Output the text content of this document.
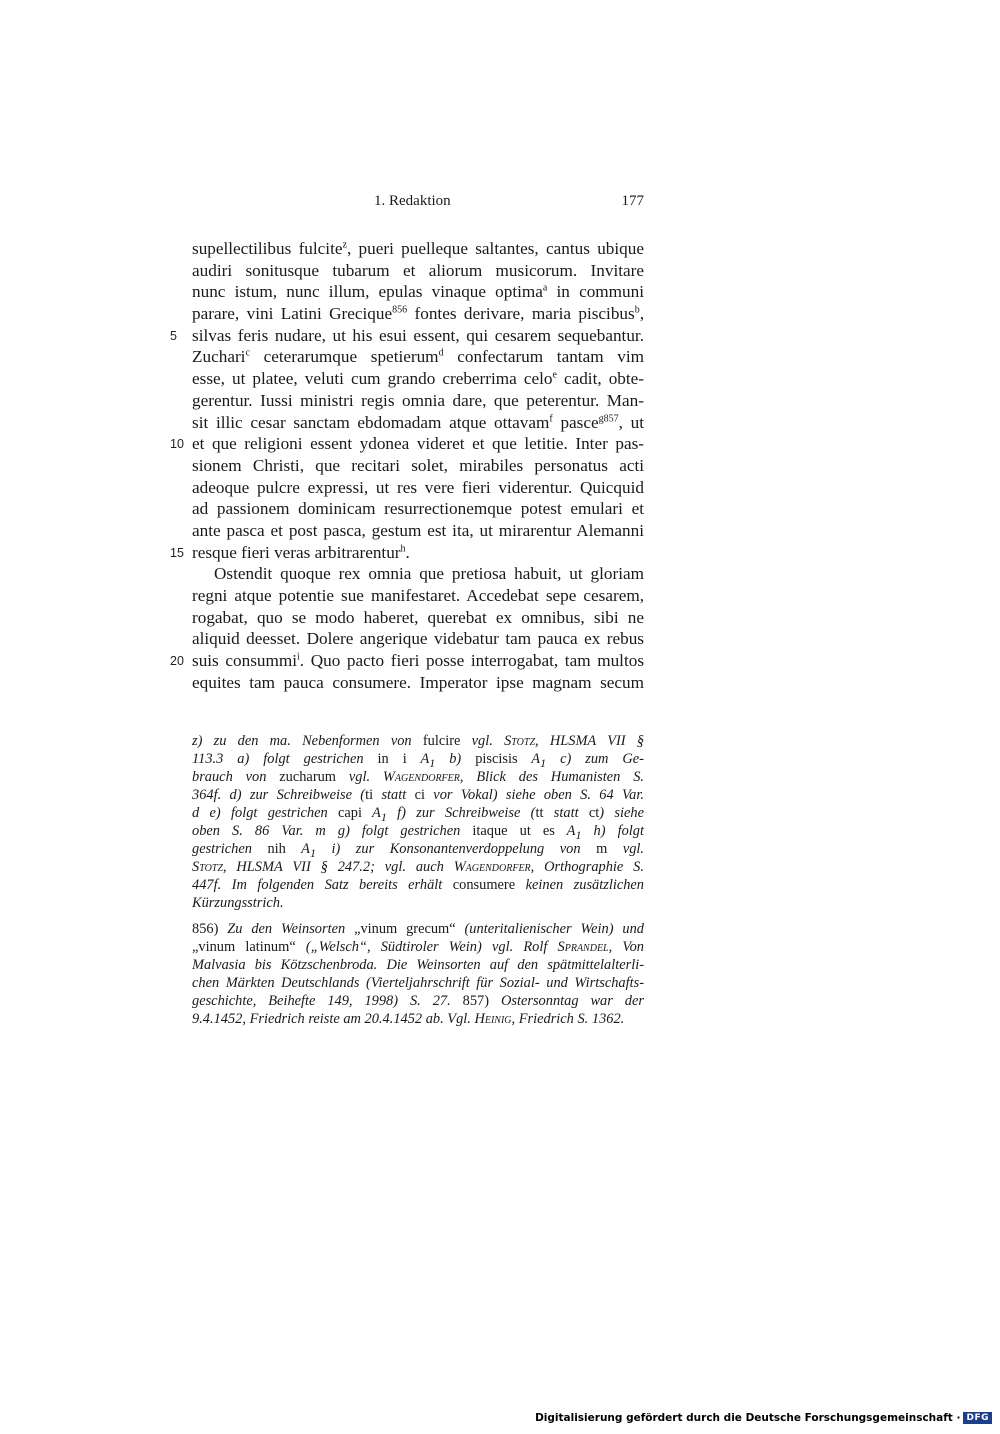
1. Redaktion	177
supellectilibus fulcite$^z$, pueri puelleque saltantes, cantus ubique
audiri sonitusque tubarum et aliorum musicorum. Invitare
nunc istum, nunc illum, epulas vinaque optima$^a$ in communi
parare, vini Latini Grecique$^{856}$ fontes derivare, maria piscibus$^b$,
5 silvas feris nudare, ut his esui essent, qui cesarem sequebantur.
Zuchari$^c$ ceterarumque spetierum$^d$ confectarum tantam vim
esse, ut platee, veluti cum grando creberrima celo$^e$ cadit, obte-
gerentur. Iussi ministri regis omnia dare, que peterentur. Man-
sit illic cesar sanctam ebdomadam atque ottavam$^f$ pasce$^{g857}$, ut
10 et que religioni essent ydonea videret et que letitie. Inter pas-
sionem Christi, que recitari solet, mirabiles personatus acti
adeoque pulcre expressi, ut res vere fieri viderentur. Quicquid
ad passionem dominicam resurrectionemque potest emulari et
ante pasca et post pasca, gestum est ita, ut mirarentur Alemanni
15 resque fieri veras arbitrarentur$^h$.
Ostendit quoque rex omnia que pretiosa habuit, ut gloriam
regni atque potentie sue manifestaret. Accedebat sepe cesarem,
rogabat, quo se modo haberet, querebat ex omnibus, sibi ne
aliquid deesset. Dolere angerique videbatur tam pauca ex rebus
20 suis consummi$^i$. Quo pacto fieri posse interrogabat, tam multos
equites tam pauca consumere. Imperator ipse magnam secum
z) zu den ma. Nebenformen von fulcire vgl. Stotz, HLSMA VII §
113.3 a) folgt gestrichen in i $A_1$ b) piscisis $A_1$ c) zum Ge-
brauch von zucharum vgl. Wagendorfer, Blick des Humanisten S.
364f. d) zur Schreibweise (ti statt ci vor Vokal) siehe oben S. 64 Var.
d e) folgt gestrichen capi $A_1$ f) zur Schreibweise (tt statt ct) siehe
oben S. 86 Var. m g) folgt gestrichen itaque ut es $A_1$ h) folgt
gestrichen nih $A_1$ i) zur Konsonantenverdoppelung von m vgl.
Stotz, HLSMA VII § 247.2; vgl. auch Wagendorfer, Orthographie S.
447f. Im folgenden Satz bereits erhält consumere keinen zusätzlichen
Kürzungsstrich.
856) Zu den Weinsorten „vinum grecum“ (unteritalienischer Wein) und
„vinum latinum“ („Welsch“, Südtiroler Wein) vgl. Rolf Sprandel, Von
Malvasia bis Kötzschenbroda. Die Weinsorten auf den spätmittelalterli-
chen Märkten Deutschlands (Vierteljahrschrift für Sozial- und Wirtschafts-
geschichte, Beihefte 149, 1998) S. 27. 857) Ostersonntag war der
9.4.1452, Friedrich reiste am 20.4.1452 ab. Vgl. Heinig, Friedrich S. 1362.
Digitalisierung gefördert durch die Deutsche Forschungsgemeinschaft · DFG
